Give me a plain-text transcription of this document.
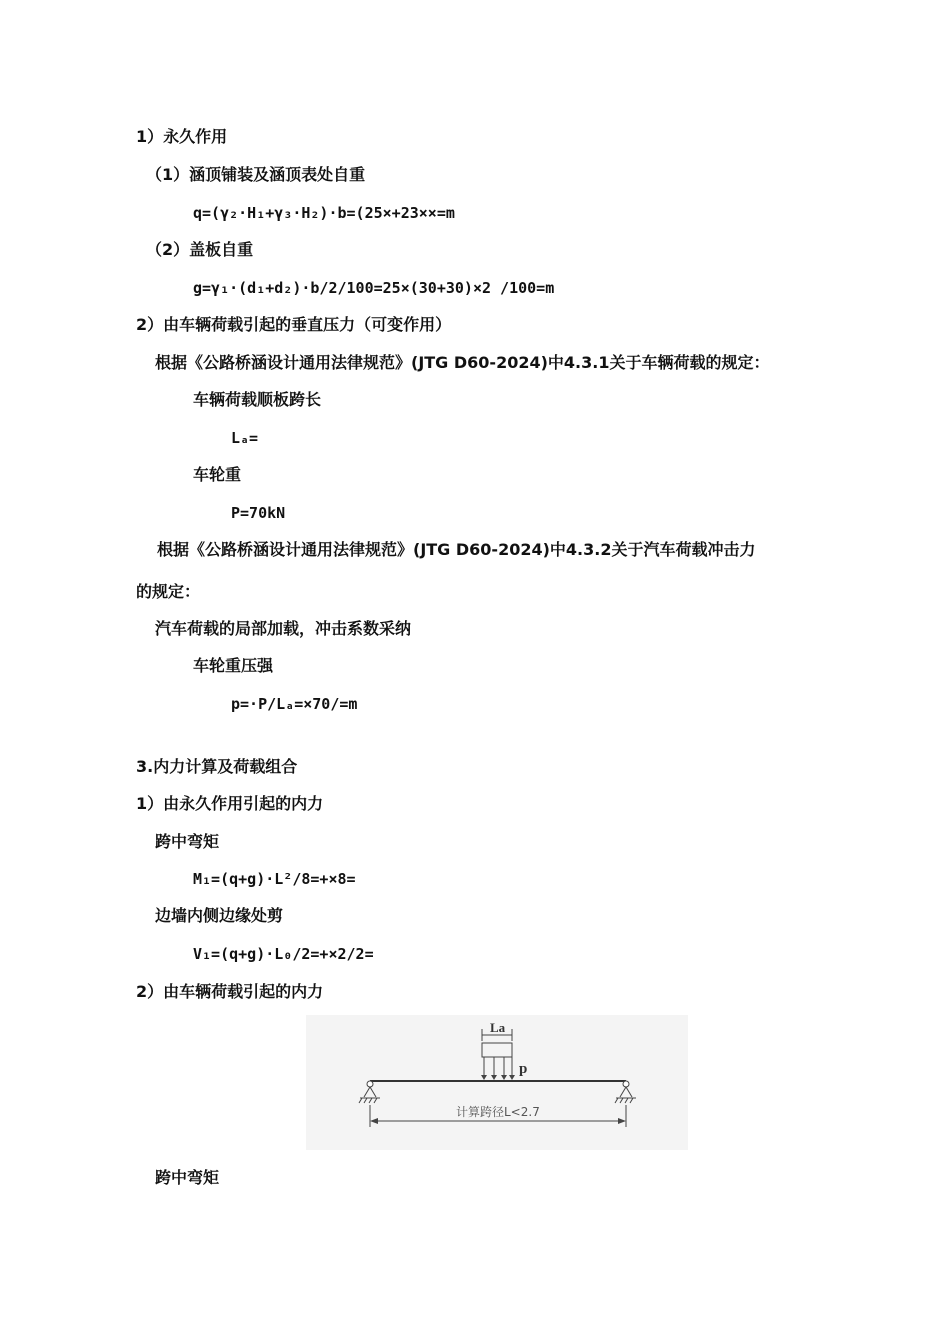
1）永久作用
（1）涵顶铺装及涵顶表处自重
q=(γ₂·H₁+γ₃·H₂)·b=(25×+23××=m
（2）盖板自重
g=γ₁·(d₁+d₂)·b/2/100=25×(30+30)×2 /100=m
2）由车辆荷载引起的垂直压力（可变作用）
根据《公路桥涵设计通用法律规范》(JTG D60-2024)中4.3.1关于车辆荷载的规定：
车辆荷载顺板跨长
Lₐ=
车轮重
P=70kN
根据《公路桥涵设计通用法律规范》(JTG D60-2024)中4.3.2关于汽车荷载冲击力
的规定：
汽车荷载的局部加载，冲击系数采纳
车轮重压强
p=·P/Lₐ=×70/=m
3.内力计算及荷载组合
1）由永久作用引起的内力
跨中弯矩
M₁=(q+g)·L²/8=+×8=
边墙内侧边缘处剪
V₁=(q+g)·L₀/2=+×2/2=
2）由车辆荷载引起的内力
La
p
计算跨径L<2.7
跨中弯矩
